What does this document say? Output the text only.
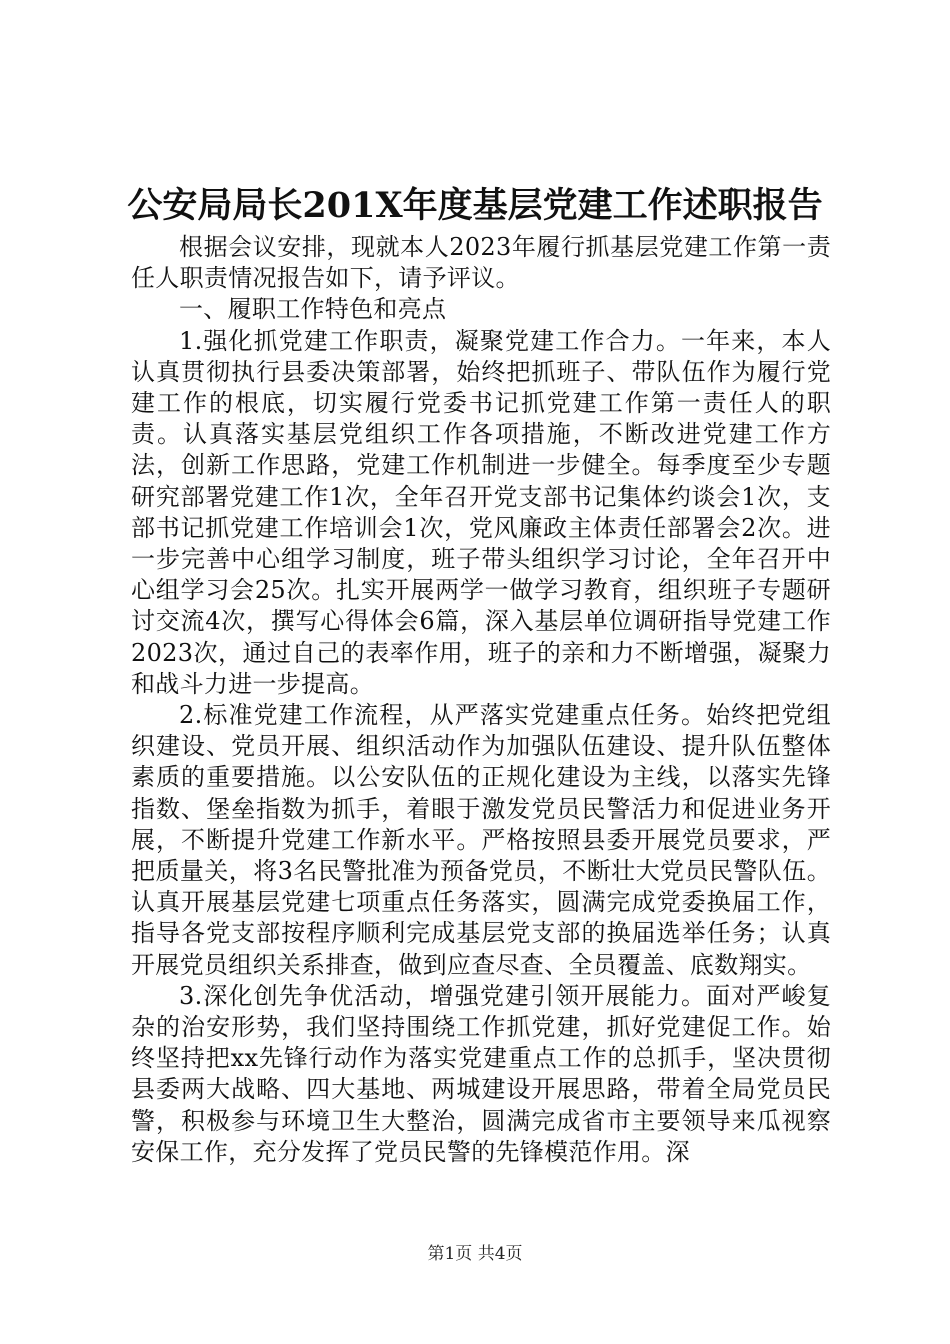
公安局局长201X年度基层党建工作述职报告

根据会议安排，现就本人2023年履行抓基层党建工作第一责任人职责情况报告如下，请予评议。

一、履职工作特色和亮点

1.强化抓党建工作职责，凝聚党建工作合力。一年来，本人认真贯彻执行县委决策部署，始终把抓班子、带队伍作为履行党建工作的根底，切实履行党委书记抓党建工作第一责任人的职责。认真落实基层党组织工作各项措施，不断改进党建工作方法，创新工作思路，党建工作机制进一步健全。每季度至少专题研究部署党建工作1次，全年召开党支部书记集体约谈会1次，支部书记抓党建工作培训会1次，党风廉政主体责任部署会2次。进一步完善中心组学习制度，班子带头组织学习讨论，全年召开中心组学习会25次。扎实开展两学一做学习教育，组织班子专题研讨交流4次，撰写心得体会6篇，深入基层单位调研指导党建工作2023次，通过自己的表率作用，班子的亲和力不断增强，凝聚力和战斗力进一步提高。

2.标准党建工作流程，从严落实党建重点任务。始终把党组织建设、党员开展、组织活动作为加强队伍建设、提升队伍整体素质的重要措施。以公安队伍的正规化建设为主线，以落实先锋指数、堡垒指数为抓手，着眼于激发党员民警活力和促进业务开展，不断提升党建工作新水平。严格按照县委开展党员要求，严把质量关，将3名民警批准为预备党员，不断壮大党员民警队伍。认真开展基层党建七项重点任务落实，圆满完成党委换届工作，指导各党支部按程序顺利完成基层党支部的换届选举任务；认真开展党员组织关系排查，做到应查尽查、全员覆盖、底数翔实。

3.深化创先争优活动，增强党建引领开展能力。面对严峻复杂的治安形势，我们坚持围绕工作抓党建，抓好党建促工作。始终坚持把xx先锋行动作为落实党建重点工作的总抓手，坚决贯彻县委两大战略、四大基地、两城建设开展思路，带着全局党员民警，积极参与环境卫生大整治，圆满完成省市主要领导来瓜视察安保工作，充分发挥了党员民警的先锋模范作用。深

第1页 共4页
